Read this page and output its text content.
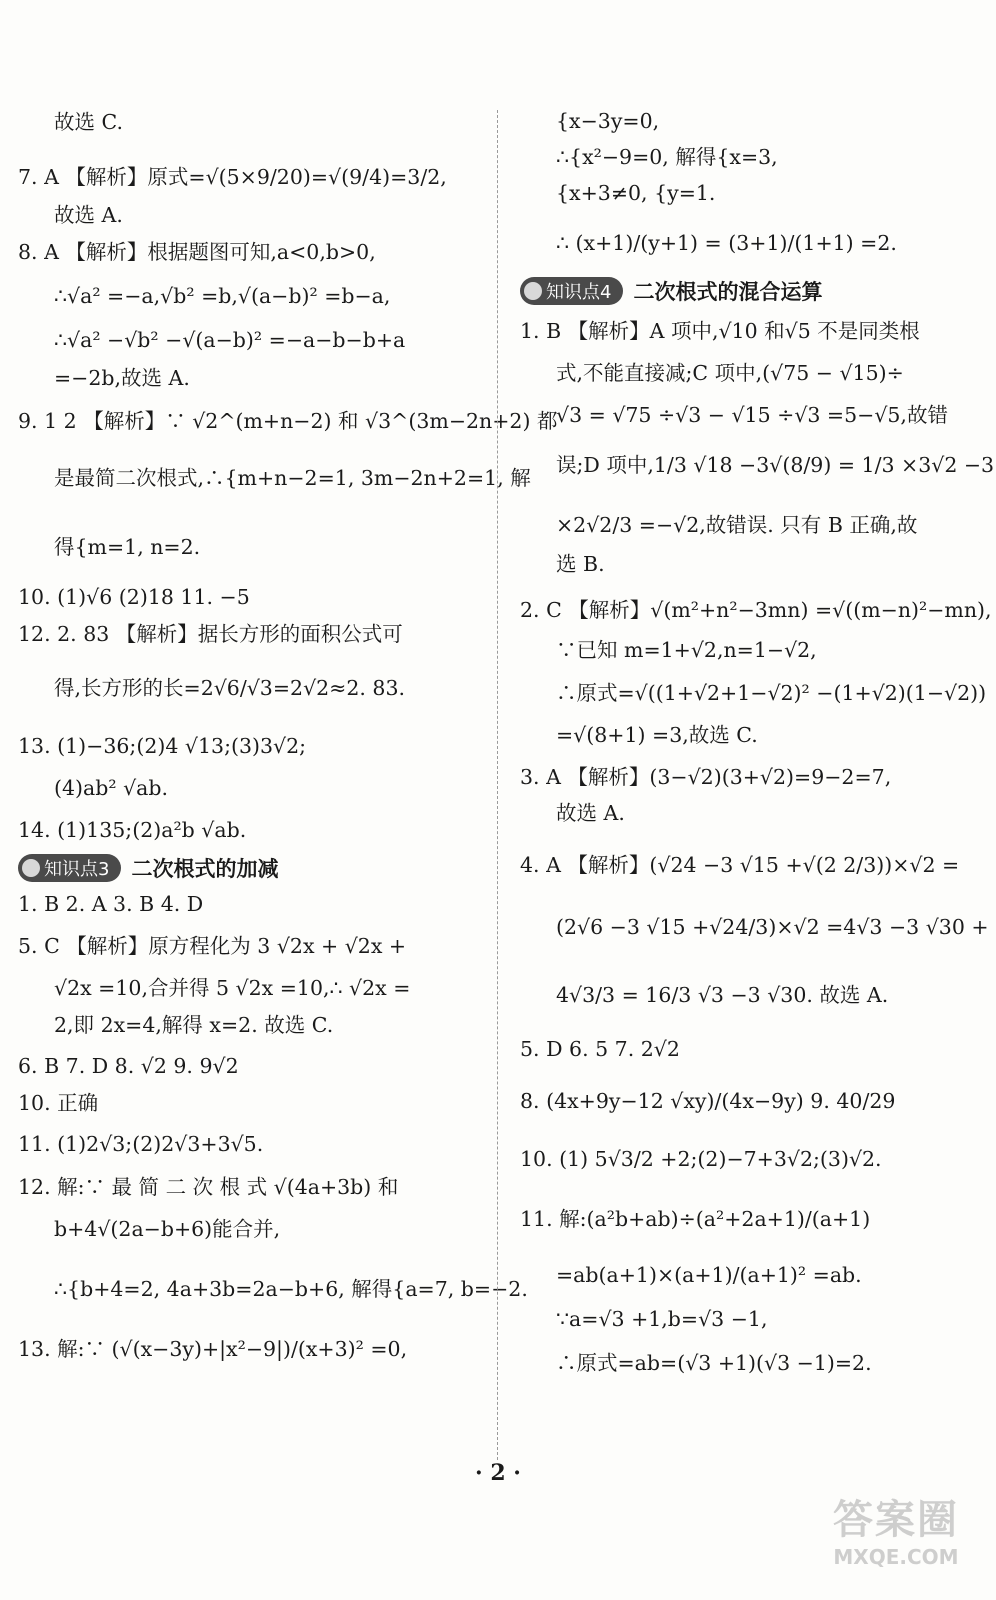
故选 C.

7. A 【解析】原式=√(5×9/20)=√(9/4)=3/2,

故选 A.

8. A 【解析】根据题图可知,a<0,b>0,

∴√a² =−a,√b² =b,√(a−b)² =b−a,

∴√a² −√b² −√(a−b)² =−a−b−b+a

=−2b,故选 A.

9. 1 2 【解析】∵ √2^(m+n−2) 和 √3^(3m−2n+2) 都

是最简二次根式,∴{m+n−2=1, 3m−2n+2=1, 解

得{m=1, n=2.

10. (1)√6 (2)18 11. −5

12. 2. 83 【解析】据长方形的面积公式可

得,长方形的长=2√6/√3=2√2≈2. 83.

13. (1)−36;(2)4 √13;(3)3√2;

(4)ab² √ab.

14. (1)135;(2)a²b √ab.

知识点3 二次根式的加减

1. B 2. A 3. B 4. D

5. C 【解析】原方程化为 3 √2x + √2x +

√2x =10,合并得 5 √2x =10,∴ √2x =

2,即 2x=4,解得 x=2. 故选 C.

6. B 7. D 8. √2 9. 9√2

10. 正确

11. (1)2√3;(2)2√3+3√5.

12. 解:∵ 最 简 二 次 根 式 √(4a+3b) 和

b+4√(2a−b+6)能合并,

∴{b+4=2, 4a+3b=2a−b+6, 解得{a=7, b=−2.

13. 解:∵ (√(x−3y)+|x²−9|)/(x+3)² =0,

{x−3y=0,

∴{x²−9=0, 解得{x=3,

{x+3≠0, {y=1.

∴ (x+1)/(y+1) = (3+1)/(1+1) =2.

知识点4 二次根式的混合运算

1. B 【解析】A 项中,√10 和√5 不是同类根

式,不能直接减;C 项中,(√75 − √15)÷

√3 = √75 ÷√3 − √15 ÷√3 =5−√5,故错

误;D 项中,1/3 √18 −3√(8/9) = 1/3 ×3√2 −3

×2√2/3 =−√2,故错误. 只有 B 正确,故

选 B.

2. C 【解析】√(m²+n²−3mn) =√((m−n)²−mn),

∵已知 m=1+√2,n=1−√2,

∴原式=√((1+√2+1−√2)² −(1+√2)(1−√2))

=√(8+1) =3,故选 C.

3. A 【解析】(3−√2)(3+√2)=9−2=7,

故选 A.

4. A 【解析】(√24 −3 √15 +√(2 2/3))×√2 =

(2√6 −3 √15 +√24/3)×√2 =4√3 −3 √30 +

4√3/3 = 16/3 √3 −3 √30. 故选 A.

5. D 6. 5 7. 2√2

8. (4x+9y−12 √xy)/(4x−9y) 9. 40/29

10. (1) 5√3/2 +2;(2)−7+3√2;(3)√2.

11. 解:(a²b+ab)÷(a²+2a+1)/(a+1)

=ab(a+1)×(a+1)/(a+1)² =ab.

∵a=√3 +1,b=√3 −1,

∴原式=ab=(√3 +1)(√3 −1)=2.

· 2 ·
答案圈
MXQE.COM
